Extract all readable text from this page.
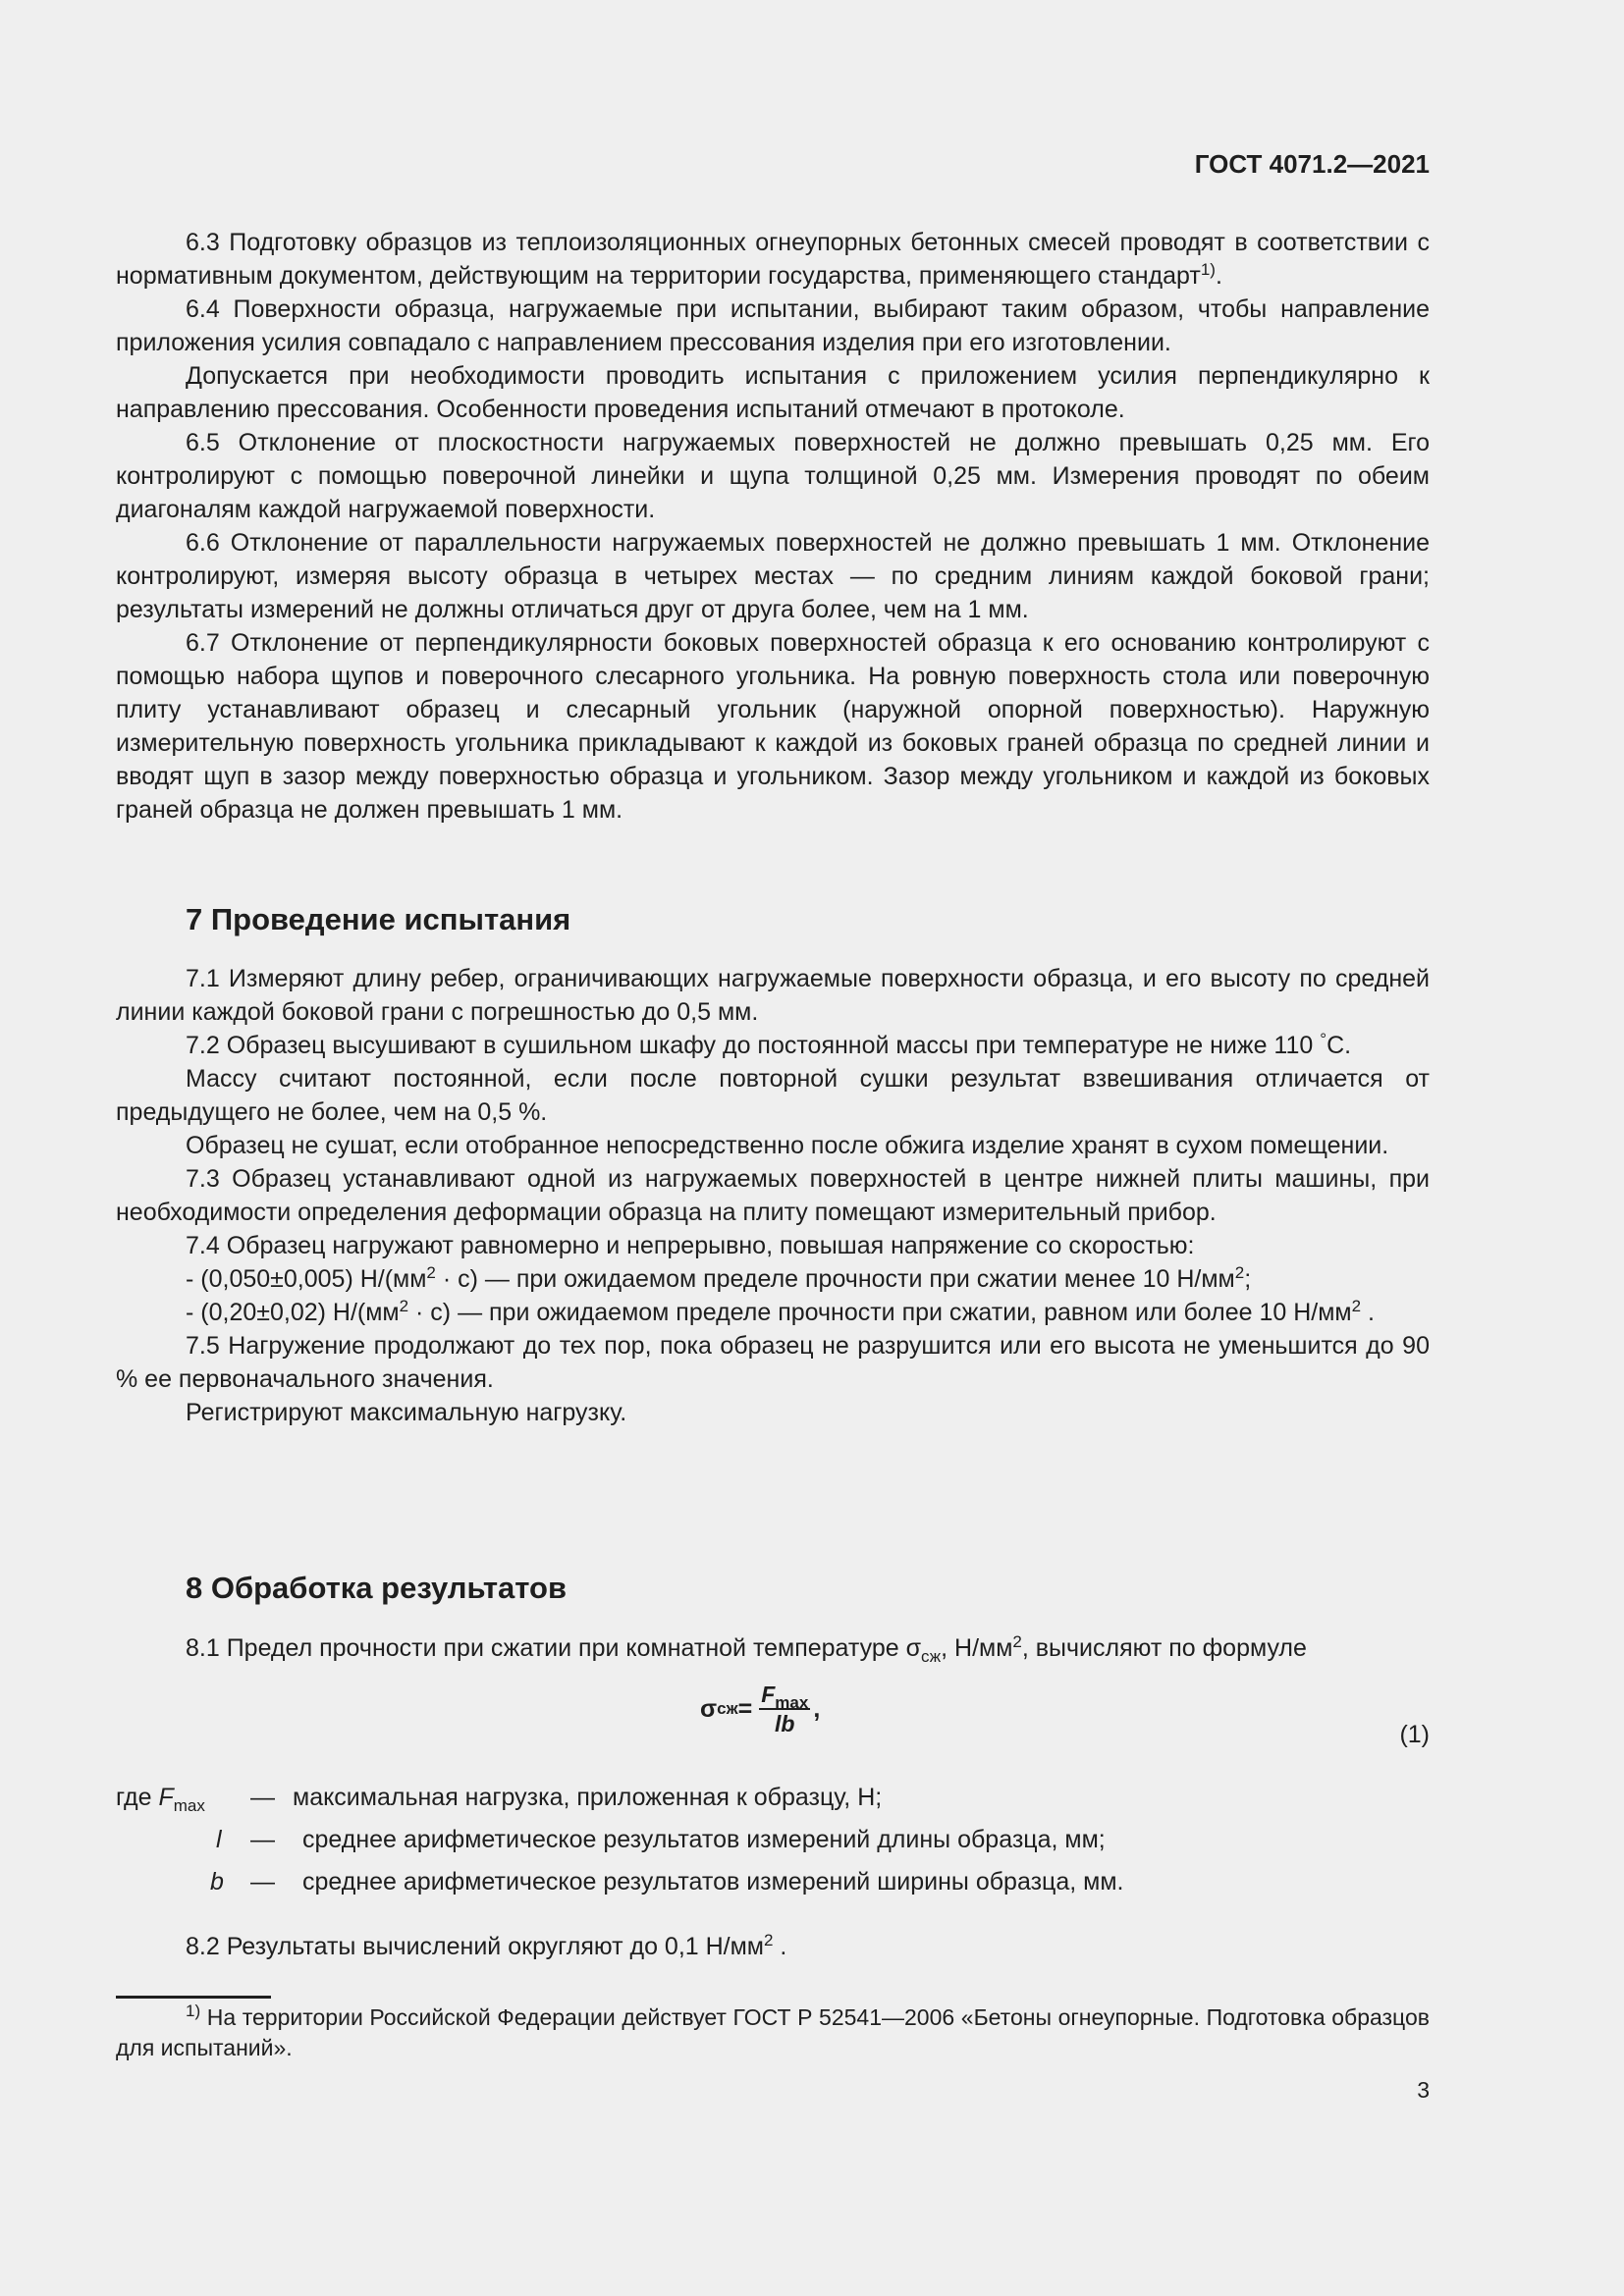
ГОСТ 4071.2—2021

6.3 Подготовку образцов из теплоизоляционных огнеупорных бетонных смесей проводят в соответствии с нормативным документом, действующим на территории государства, применяющего стандарт$^{1)}$.

6.4 Поверхности образца, нагружаемые при испытании, выбирают таким образом, чтобы направление приложения усилия совпадало с направлением прессования изделия при его изготовлении.

Допускается при необходимости проводить испытания с приложением усилия перпендикулярно к направлению прессования. Особенности проведения испытаний отмечают в протоколе.

6.5 Отклонение от плоскостности нагружаемых поверхностей не должно превышать 0,25 мм. Его контролируют с помощью поверочной линейки и щупа толщиной 0,25 мм. Измерения проводят по обеим диагоналям каждой нагружаемой поверхности.

6.6 Отклонение от параллельности нагружаемых поверхностей не должно превышать 1 мм. Отклонение контролируют, измеряя высоту образца в четырех местах — по средним линиям каждой боковой грани; результаты измерений не должны отличаться друг от друга более, чем на 1 мм.

6.7 Отклонение от перпендикулярности боковых поверхностей образца к его основанию контролируют с помощью набора щупов и поверочного слесарного угольника. На ровную поверхность стола или поверочную плиту устанавливают образец и слесарный угольник (наружной опорной поверхностью). Наружную измерительную поверхность угольника прикладывают к каждой из боковых граней образца по средней линии и вводят щуп в зазор между поверхностью образца и угольником. Зазор между угольником и каждой из боковых граней образца не должен превышать 1 мм.

7 Проведение испытания

7.1 Измеряют длину ребер, ограничивающих нагружаемые поверхности образца, и его высоту по средней линии каждой боковой грани с погрешностью до 0,5 мм.

7.2 Образец высушивают в сушильном шкафу до постоянной массы при температуре не ниже 110 °С.

Массу считают постоянной, если после повторной сушки результат взвешивания отличается от предыдущего не более, чем на 0,5 %.

Образец не сушат, если отобранное непосредственно после обжига изделие хранят в сухом помещении.

7.3 Образец устанавливают одной из нагружаемых поверхностей в центре нижней плиты машины, при необходимости определения деформации образца на плиту помещают измерительный прибор.

7.4 Образец нагружают равномерно и непрерывно, повышая напряжение со скоростью:

- (0,050±0,005) $Н/(мм^2 \cdot с)$ — при ожидаемом пределе прочности при сжатии менее 10 $Н/мм^2$;

- (0,20±0,02) $Н/(мм^2 \cdot с)$ — при ожидаемом пределе прочности при сжатии, равном или более 10 $Н/мм^2$ .

7.5 Нагружение продолжают до тех пор, пока образец не разрушится или его высота не уменьшится до 90 % ее первоначального значения.

Регистрируют максимальную нагрузку.

8 Обработка результатов

8.1 Предел прочности при сжатии при комнатной температуре $\sigma_{сж}$, $Н/мм^2$, вычисляют по формуле

σ сж = $\frac{F_{max}}{lb}$ ,
(1)
где $F_{max}$ — максимальная нагрузка, приложенная к образцу, Н;
l — среднее арифметическое результатов измерений длины образца, мм;
b — среднее арифметическое результатов измерений ширины образца, мм.

8.2 Результаты вычислений округляют до 0,1 $Н/мм^2$ .

$^{1)}$ На территории Российской Федерации действует ГОСТ Р 52541—2006 «Бетоны огнеупорные. Подготовка образцов для испытаний».

3
